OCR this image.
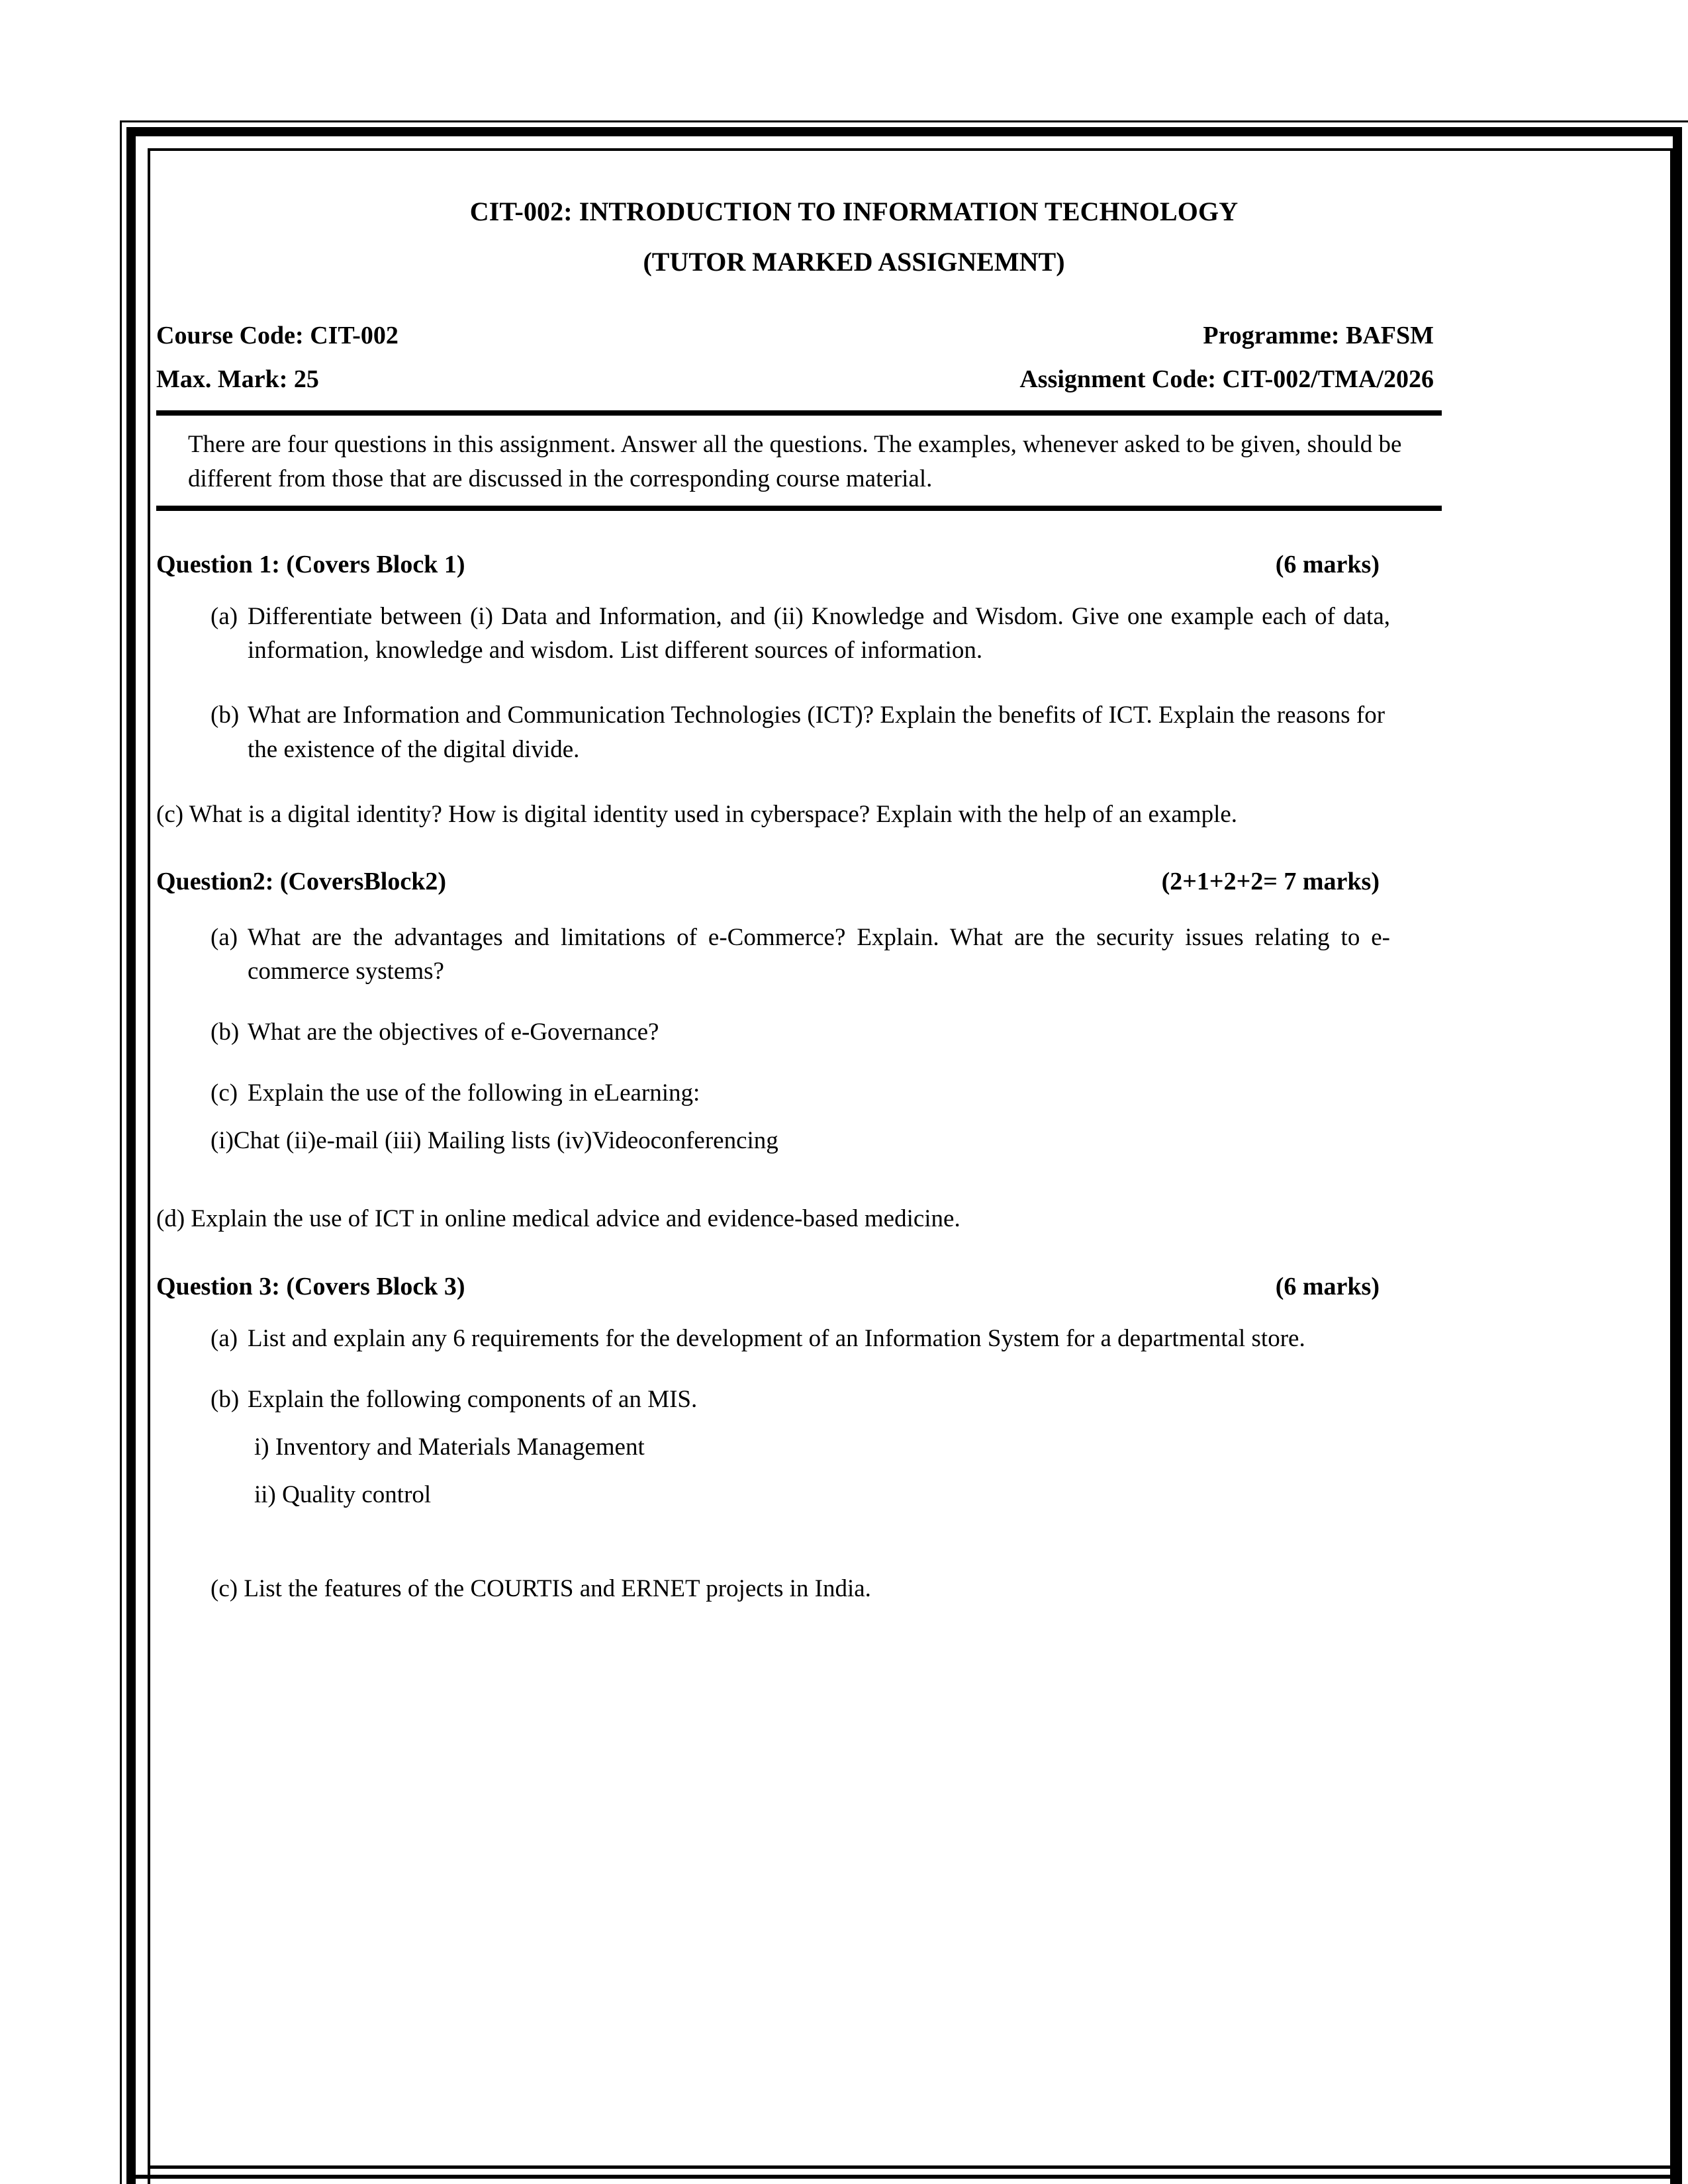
CIT-002: INTRODUCTION TO INFORMATION TECHNOLOGY
(TUTOR MARKED ASSIGNEMNT)
Course Code: CIT-002	Programme: BAFSM
Max. Mark: 25	Assignment Code: CIT-002/TMA/2026
There are four questions in this assignment. Answer all the questions. The examples, whenever asked to be given, should be different from those that are discussed in the corresponding course material.
Question 1: (Covers Block 1)	(6 marks)
(a) Differentiate between (i) Data and Information, and (ii) Knowledge and Wisdom. Give one example each of data, information, knowledge and wisdom. List different sources of information.
(b) What are Information and Communication Technologies (ICT)? Explain the benefits of ICT. Explain the reasons for the existence of the digital divide.
(c) What is a digital identity? How is digital identity used in cyberspace? Explain with the help of an example.
Question2: (CoversBlock2)	(2+1+2+2= 7 marks)
(a) What are the advantages and limitations of e-Commerce? Explain. What are the security issues relating to e-commerce systems?
(b) What are the objectives of e-Governance?
(c) Explain the use of the following in eLearning:
(i)Chat (ii)e-mail (iii) Mailing lists (iv)Videoconferencing
(d) Explain the use of ICT in online medical advice and evidence-based medicine.
Question 3: (Covers Block 3)	(6 marks)
(a) List and explain any 6 requirements for the development of an Information System for a departmental store.
(b) Explain the following components of an MIS.
i) Inventory and Materials Management
ii) Quality control
(c) List the features of the COURTIS and ERNET projects in India.
